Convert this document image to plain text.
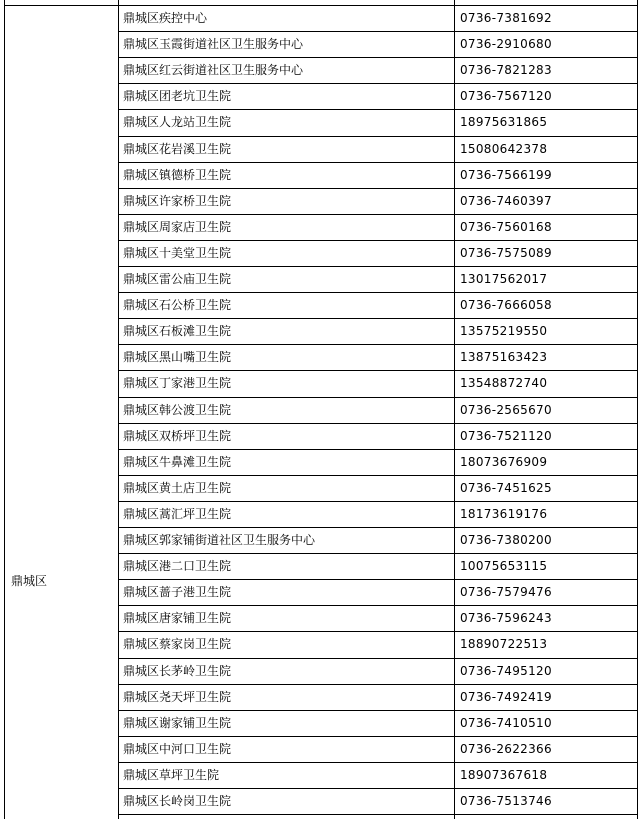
鼎城区
鼎城区疾控中心	0736-7381692
鼎城区玉霞街道社区卫生服务中心	0736-2910680
鼎城区红云街道社区卫生服务中心	0736-7821283
鼎城区团老坑卫生院	0736-7567120
鼎城区人龙站卫生院	18975631865
鼎城区花岩溪卫生院	15080642378
鼎城区镇德桥卫生院	0736-7566199
鼎城区许家桥卫生院	0736-7460397
鼎城区周家店卫生院	0736-7560168
鼎城区十美堂卫生院	0736-7575089
鼎城区雷公庙卫生院	13017562017
鼎城区石公桥卫生院	0736-7666058
鼎城区石板滩卫生院	13575219550
鼎城区黑山嘴卫生院	13875163423
鼎城区丁家港卫生院	13548872740
鼎城区韩公渡卫生院	0736-2565670
鼎城区双桥坪卫生院	0736-7521120
鼎城区牛鼻滩卫生院	18073676909
鼎城区黄土店卫生院	0736-7451625
鼎城区蒿汇坪卫生院	18173619176
鼎城区郭家铺街道社区卫生服务中心	0736-7380200
鼎城区港二口卫生院	10075653115
鼎城区蔷子港卫生院	0736-7579476
鼎城区唐家铺卫生院	0736-7596243
鼎城区蔡家岗卫生院	18890722513
鼎城区长茅岭卫生院	0736-7495120
鼎城区尧天坪卫生院	0736-7492419
鼎城区谢家铺卫生院	0736-7410510
鼎城区中河口卫生院	0736-2622366
鼎城区草坪卫生院	18907367618
鼎城区长岭岗卫生院	0736-7513746
